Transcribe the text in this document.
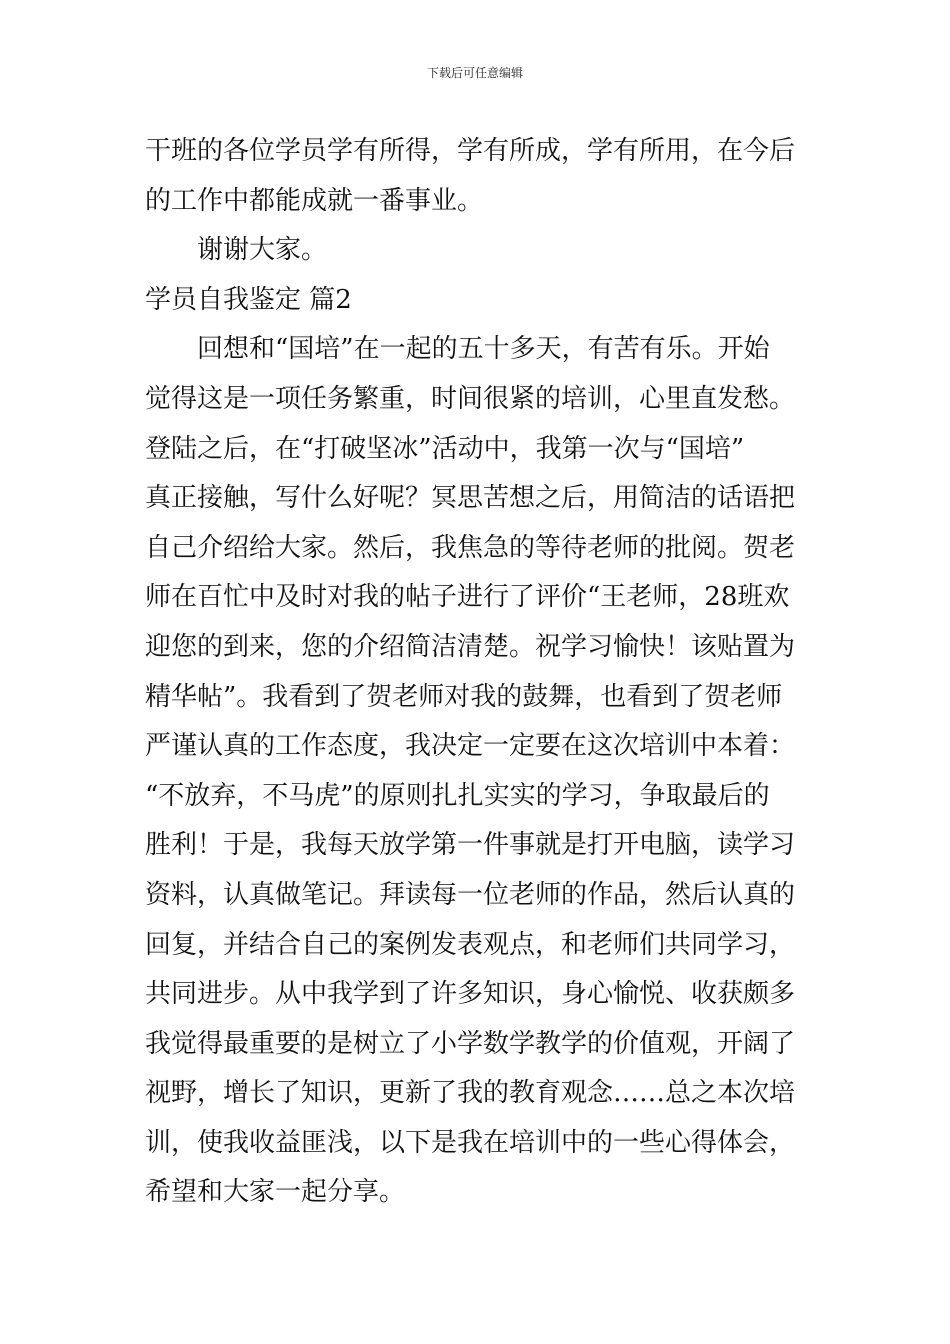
下载后可任意编辑

干班的各位学员学有所得，学有所成，学有所用，在今后

的工作中都能成就一番事业。

谢谢大家。

学员自我鉴定 篇2

回想和“国培”在一起的五十多天，有苦有乐。开始

觉得这是一项任务繁重，时间很紧的培训，心里直发愁。

登陆之后，在“打破坚冰”活动中，我第一次与“国培”

真正接触，写什么好呢？冥思苦想之后，用简洁的话语把

自己介绍给大家。然后，我焦急的等待老师的批阅。贺老

师在百忙中及时对我的帖子进行了评价“王老师，28班欢

迎您的到来，您的介绍简洁清楚。祝学习愉快！该贴置为

精华帖”。我看到了贺老师对我的鼓舞，也看到了贺老师

严谨认真的工作态度，我决定一定要在这次培训中本着：

“不放弃，不马虎”的原则扎扎实实的学习，争取最后的

胜利！于是，我每天放学第一件事就是打开电脑，读学习

资料，认真做笔记。拜读每一位老师的作品，然后认真的

回复，并结合自己的案例发表观点，和老师们共同学习，

共同进步。从中我学到了许多知识，身心愉悦、收获颇多

我觉得最重要的是树立了小学数学教学的价值观，开阔了

视野，增长了知识，更新了我的教育观念……总之本次培

训，使我收益匪浅，以下是我在培训中的一些心得体会，

希望和大家一起分享。
